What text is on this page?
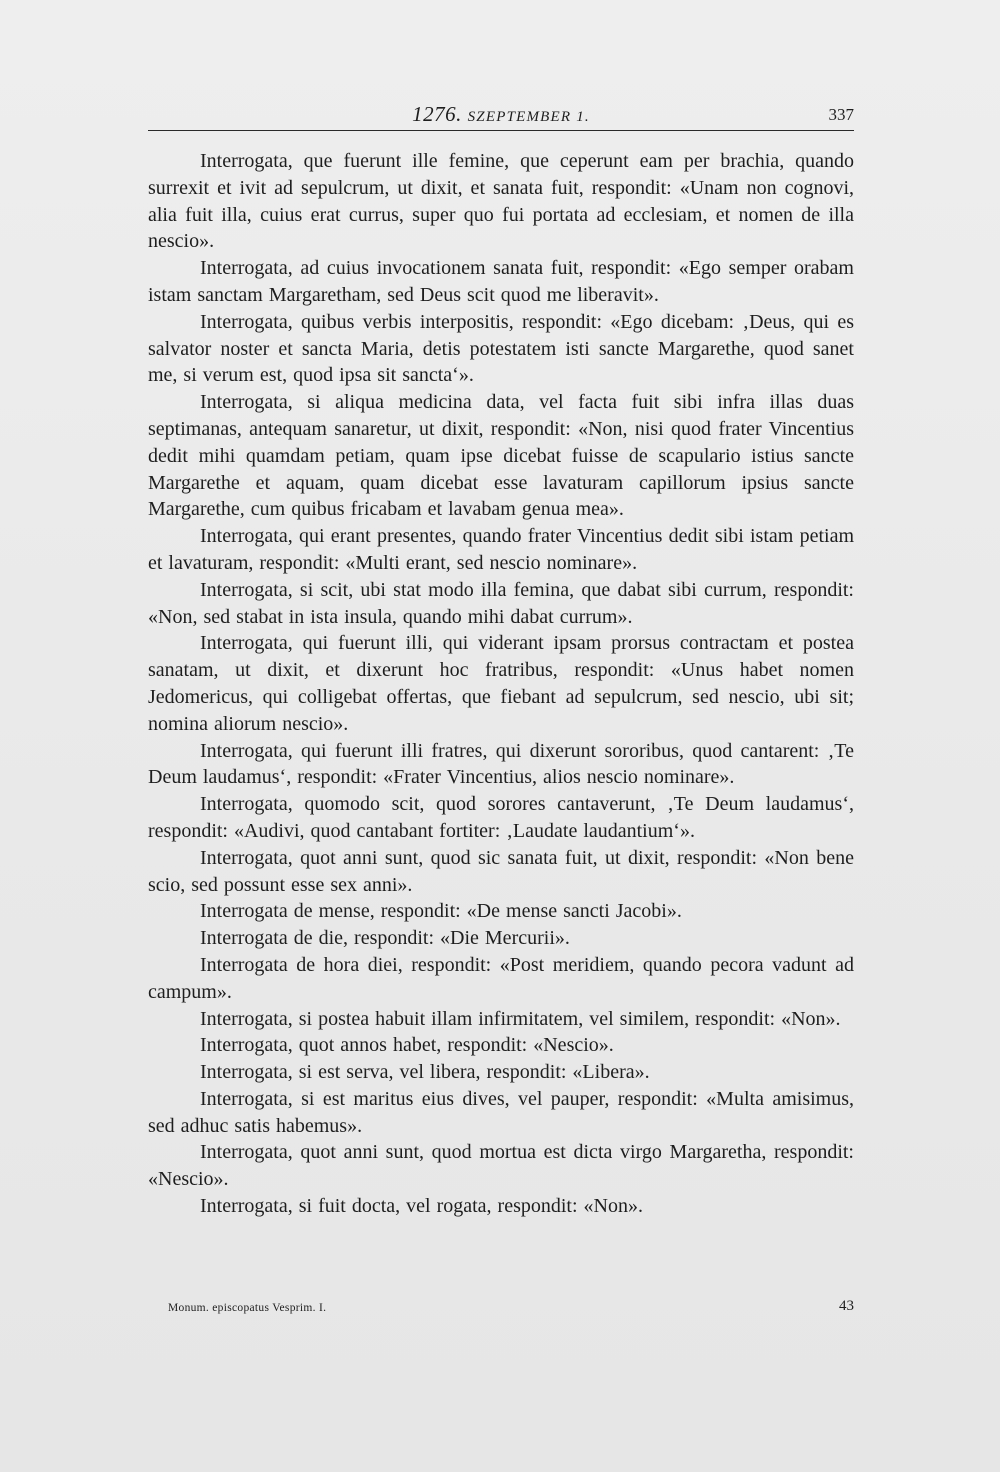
1276. SZEPTEMBER 1.	337

Interrogata, que fuerunt ille femine, que ceperunt eam per brachia, quando surrexit et ivit ad sepulcrum, ut dixit, et sanata fuit, respondit: «Unam non cognovi, alia fuit illa, cuius erat currus, super quo fui portata ad ecclesiam, et nomen de illa nescio».

Interrogata, ad cuius invocationem sanata fuit, respondit: «Ego semper orabam istam sanctam Margaretham, sed Deus scit quod me liberavit».

Interrogata, quibus verbis interpositis, respondit: «Ego dicebam: ‚Deus, qui es salvator noster et sancta Maria, detis potestatem isti sancte Margarethe, quod sanet me, si verum est, quod ipsa sit sancta‘».

Interrogata, si aliqua medicina data, vel facta fuit sibi infra illas duas septimanas, antequam sanaretur, ut dixit, respondit: «Non, nisi quod frater Vincentius dedit mihi quamdam petiam, quam ipse dicebat fuisse de scapulario istius sancte Margarethe et aquam, quam dicebat esse lavaturam capillorum ipsius sancte Margarethe, cum quibus fricabam et lavabam genua mea».

Interrogata, qui erant presentes, quando frater Vincentius dedit sibi istam petiam et lavaturam, respondit: «Multi erant, sed nescio nominare».

Interrogata, si scit, ubi stat modo illa femina, que dabat sibi currum, respondit: «Non, sed stabat in ista insula, quando mihi dabat currum».

Interrogata, qui fuerunt illi, qui viderant ipsam prorsus contractam et postea sanatam, ut dixit, et dixerunt hoc fratribus, respondit: «Unus habet nomen Jedomericus, qui colligebat offertas, que fiebant ad sepulcrum, sed nescio, ubi sit; nomina aliorum nescio».

Interrogata, qui fuerunt illi fratres, qui dixerunt sororibus, quod cantarent: ‚Te Deum laudamus‘, respondit: «Frater Vincentius, alios nescio nominare».

Interrogata, quomodo scit, quod sorores cantaverunt, ‚Te Deum laudamus‘, respondit: «Audivi, quod cantabant fortiter: ‚Laudate laudantium‘».

Interrogata, quot anni sunt, quod sic sanata fuit, ut dixit, respondit: «Non bene scio, sed possunt esse sex anni».

Interrogata de mense, respondit: «De mense sancti Jacobi».

Interrogata de die, respondit: «Die Mercurii».

Interrogata de hora diei, respondit: «Post meridiem, quando pecora vadunt ad campum».

Interrogata, si postea habuit illam infirmitatem, vel similem, respondit: «Non».

Interrogata, quot annos habet, respondit: «Nescio».

Interrogata, si est serva, vel libera, respondit: «Libera».

Interrogata, si est maritus eius dives, vel pauper, respondit: «Multa amisimus, sed adhuc satis habemus».

Interrogata, quot anni sunt, quod mortua est dicta virgo Margaretha, respondit: «Nescio».

Interrogata, si fuit docta, vel rogata, respondit: «Non».

Monum. episcopatus Vesprim. I.	43
